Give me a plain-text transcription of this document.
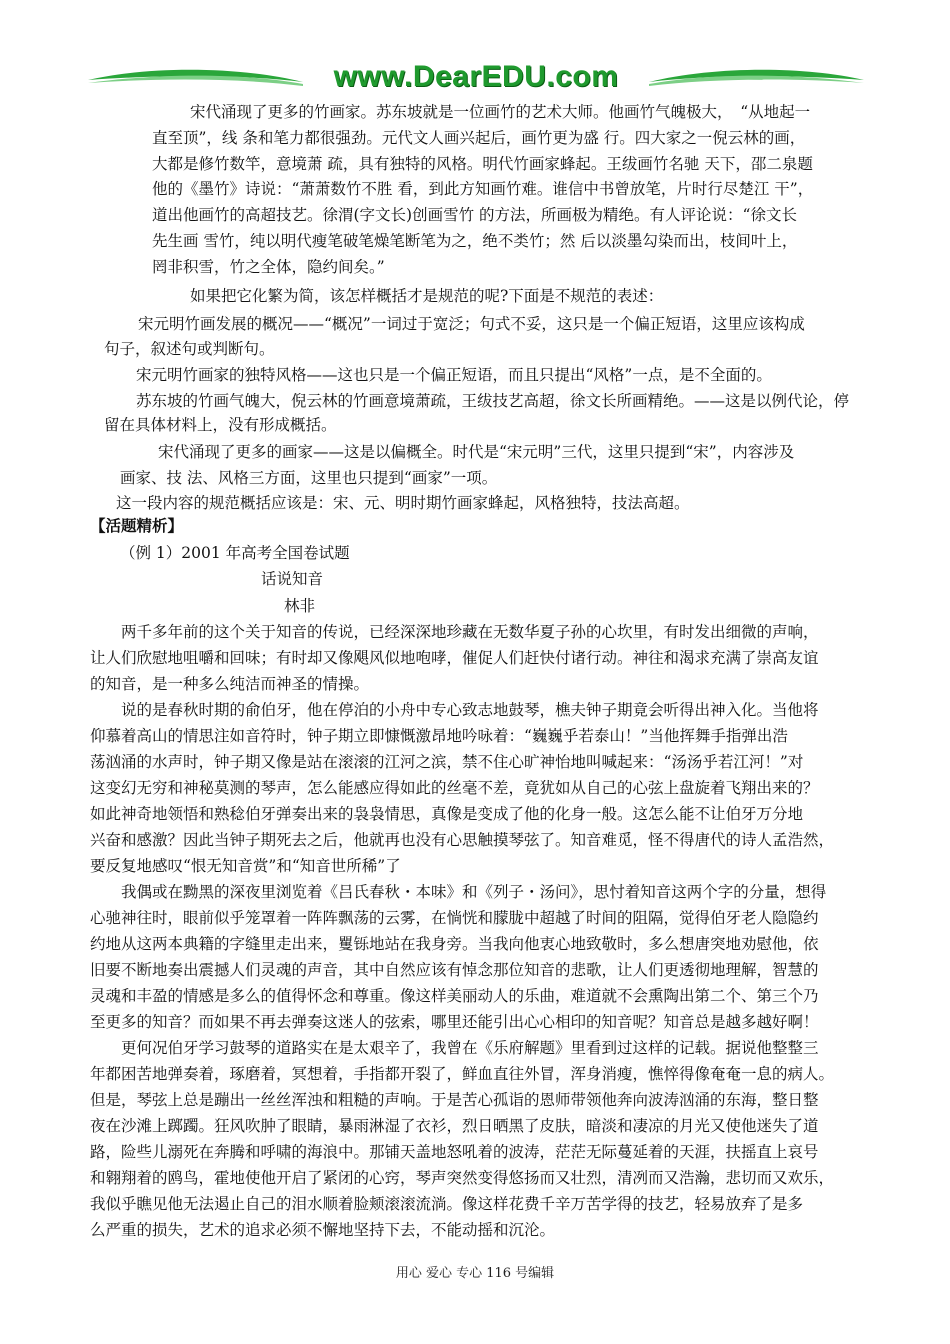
www.DearEDU.com

宋代涌现了更多的竹画家。苏东坡就是一位画竹的艺术大师。他画竹气魄极大，　“从地起一

直至顶”，线 条和笔力都很强劲。元代文人画兴起后，画竹更为盛 行。四大家之一倪云林的画，

大都是修竹数竿，意境萧 疏，具有独特的风格。明代竹画家蜂起。王绂画竹名驰 天下，邵二泉题

他的《墨竹》诗说：“萧萧数竹不胜 看，到此方知画竹难。谁信中书曾放笔，片时行尽楚江 干”，

道出他画竹的高超技艺。徐渭(字文长)创画雪竹 的方法，所画极为精绝。有人评论说：“徐文长

先生画 雪竹，纯以明代瘦笔破笔燥笔断笔为之，绝不类竹；然 后以淡墨勾染而出，枝间叶上，

罔非积雪，竹之全体，隐约间矣。”

如果把它化繁为简，该怎样概括才是规范的呢?下面是不规范的表述：

宋元明竹画发展的概况——“概况”一词过于宽泛；句式不妥，这只是一个偏正短语，这里应该构成

句子，叙述句或判断句。

宋元明竹画家的独特风格——这也只是一个偏正短语，而且只提出“风格”一点，是不全面的。

苏东坡的竹画气魄大，倪云林的竹画意境萧疏，王绂技艺高超，徐文长所画精绝。——这是以例代论，停

留在具体材料上，没有形成概括。

宋代涌现了更多的画家——这是以偏概全。时代是“宋元明”三代，这里只提到“宋”，内容涉及

画家、技 法、风格三方面，这里也只提到“画家”一项。

这一段内容的规范概括应该是：宋、元、明时期竹画家蜂起，风格独特，技法高超。

【活题精析】

（例 1）2001 年高考全国卷试题

话说知音

林非

两千多年前的这个关于知音的传说，已经深深地珍藏在无数华夏子孙的心坎里，有时发出细微的声响，

让人们欣慰地咀嚼和回味；有时却又像飓风似地咆哮，催促人们赶快付诸行动。神往和渴求充满了崇高友谊

的知音，是一种多么纯洁而神圣的情操。

说的是春秋时期的俞伯牙，他在停泊的小舟中专心致志地鼓琴，樵夫钟子期竟会听得出神入化。当他将

仰慕着高山的情思注如音符时，钟子期立即慷慨激昂地吟咏着：“巍巍乎若泰山！”当他挥舞手指弹出浩

荡汹涌的水声时，钟子期又像是站在滚滚的江河之滨，禁不住心旷神怡地叫喊起来：“汤汤乎若江河！”对

这变幻无穷和神秘莫测的琴声，怎么能感应得如此的丝毫不差，竟犹如从自己的心弦上盘旋着飞翔出来的？

如此神奇地领悟和熟稔伯牙弹奏出来的袅袅情思，真像是变成了他的化身一般。这怎么能不让伯牙万分地

兴奋和感激？因此当钟子期死去之后，他就再也没有心思触摸琴弦了。知音难觅，怪不得唐代的诗人孟浩然，

要反复地感叹“恨无知音赏”和“知音世所稀”了

我偶或在黝黑的深夜里浏览着《吕氏春秋・本味》和《列子・汤问》，思忖着知音这两个字的分量，想得

心驰神往时，眼前似乎笼罩着一阵阵飘荡的云雾，在惝恍和朦胧中超越了时间的阻隔，觉得伯牙老人隐隐约

约地从这两本典籍的字缝里走出来，矍铄地站在我身旁。当我向他衷心地致敬时，多么想唐突地劝慰他，依

旧要不断地奏出震撼人们灵魂的声音，其中自然应该有悼念那位知音的悲歌，让人们更透彻地理解，智慧的

灵魂和丰盈的情感是多么的值得怀念和尊重。像这样美丽动人的乐曲，难道就不会熏陶出第二个、第三个乃

至更多的知音？而如果不再去弹奏这迷人的弦索，哪里还能引出心心相印的知音呢？知音总是越多越好啊！

更何况伯牙学习鼓琴的道路实在是太艰辛了，我曾在《乐府解题》里看到过这样的记载。据说他整整三

年都困苦地弹奏着，琢磨着，冥想着，手指都开裂了，鲜血直往外冒，浑身消瘦，憔悴得像奄奄一息的病人。

但是，琴弦上总是蹦出一丝丝浑浊和粗糙的声响。于是苦心孤诣的恩师带领他奔向波涛汹涌的东海，整日整

夜在沙滩上踯躅。狂风吹肿了眼睛，暴雨淋湿了衣衫，烈日晒黑了皮肤，暗淡和凄凉的月光又使他迷失了道

路，险些儿溺死在奔腾和呼啸的海浪中。那铺天盖地怒吼着的波涛，茫茫无际蔓延着的天涯，扶摇直上哀号

和翱翔着的鸥鸟，霍地使他开启了紧闭的心窍，琴声突然变得悠扬而又壮烈，清冽而又浩瀚，悲切而又欢乐，

我似乎瞧见他无法遏止自己的泪水顺着脸颊滚滚流淌。像这样花费千辛万苦学得的技艺，轻易放弃了是多

么严重的损失，艺术的追求必须不懈地坚持下去，不能动摇和沉沦。

用心 爱心 专心 116 号编辑
